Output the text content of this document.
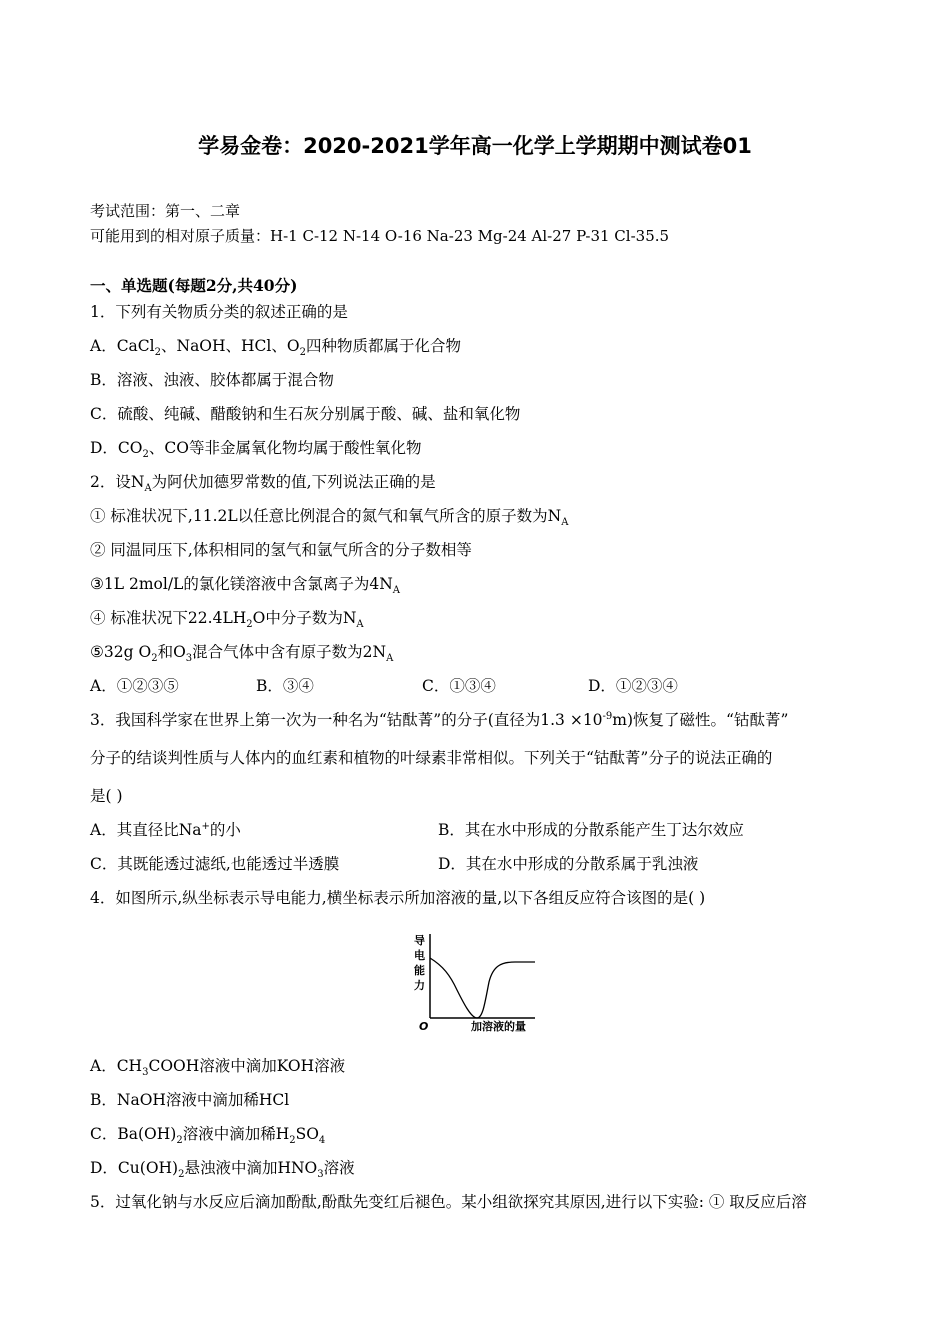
学易金卷：2020-2021学年高一化学上学期期中测试卷01
考试范围：第一、二章
可能用到的相对原子质量：H-1 C-12 N-14 O-16 Na-23 Mg-24 Al-27 P-31 Cl-35.5
一、单选题(每题2分,共40分)
1．下列有关物质分类的叙述正确的是
A．CaCl$_2$、NaOH、HCl、$O_2$四种物质都属于化合物
B．溶液、浊液、胶体都属于混合物
C．硫酸、纯碱、醋酸钠和生石灰分别属于酸、碱、盐和氧化物
D．$CO_2$、CO等非金属氧化物均属于酸性氧化物
2．设$N_A$为阿伏加德罗常数的值,下列说法正确的是
① 标准状况下,11.2L以任意比例混合的氮气和氧气所含的原子数为$N_A$
② 同温同压下,体积相同的氢气和氩气所含的分子数相等
③1L 2mol/L的氯化镁溶液中含氯离子为$4N_A$
④ 标准状况下$22.4LH_2O$中分子数为$N_A$
⑤32g $O_2$和$O_3$混合气体中含有原子数为$2N_A$
A．①②③⑤	B．③④	C．①③④	D．①②③④
3．我国科学家在世界上第一次为一种名为“钴酞菁”的分子(直径为$1.3 \times 10^{-9}m$)恢复了磁性。“钴酞菁”
分子的结谈判性质与人体内的血红素和植物的叶绿素非常相似。下列关于“钴酞菁”分子的说法正确的
是( )
A．其直径比Na+的小	B．其在水中形成的分散系能产生丁达尔效应
C．其既能透过滤纸,也能透过半透膜	D．其在水中形成的分散系属于乳浊液
4．如图所示,纵坐标表示导电能力,横坐标表示所加溶液的量,以下各组反应符合该图的是( )
导
电
能
力
O	加溶液的量
A．$CH_3COOH$溶液中滴加KOH溶液
B．NaOH溶液中滴加稀HCl
C．$Ba(OH)_2$溶液中滴加稀$H_2SO_4$
D．$Cu(OH)_2$悬浊液中滴加$HNO_3$溶液
5．过氧化钠与水反应后滴加酚酞,酚酞先变红后褪色。某小组欲探究其原因,进行以下实验: ① 取反应后溶
